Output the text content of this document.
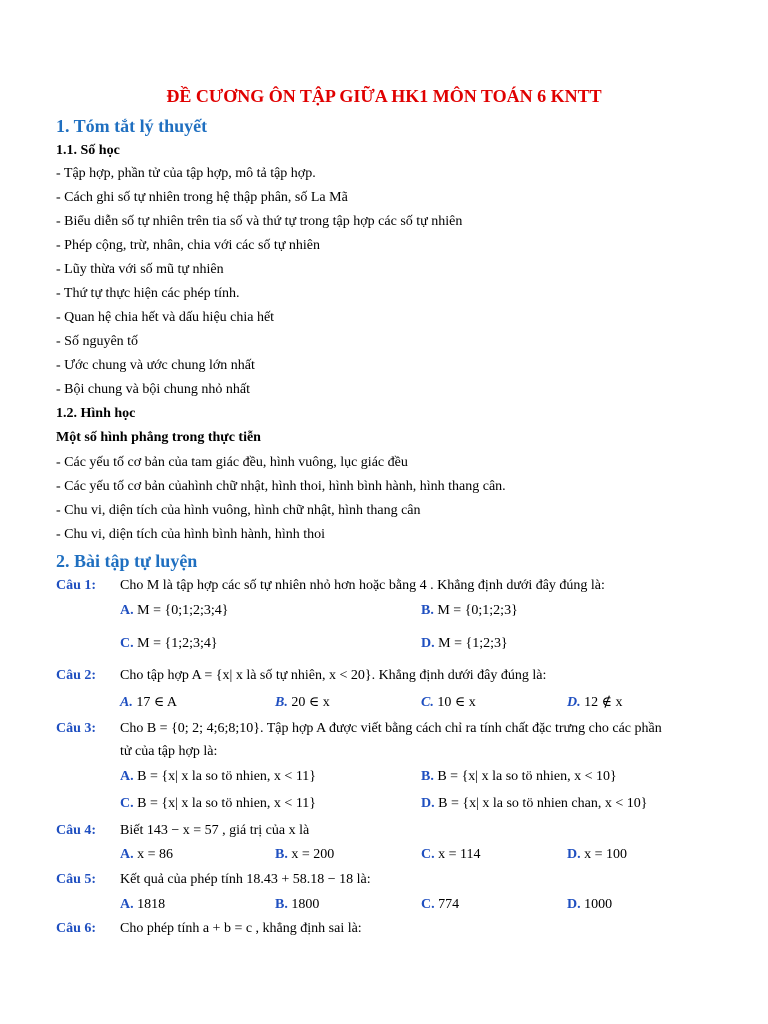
ĐỀ CƯƠNG ÔN TẬP GIỮA HK1 MÔN TOÁN 6 KNTT
1. Tóm tắt lý thuyết
1.1. Số học
- Tập hợp, phần tử của tập hợp, mô tả tập hợp.
- Cách ghi số tự nhiên trong hệ thập phân, số La Mã
- Biểu diễn số tự nhiên trên tia số và thứ tự trong tập hợp các số tự nhiên
- Phép cộng, trừ, nhân, chia với các số tự nhiên
- Lũy thừa với số mũ tự nhiên
- Thứ tự thực hiện các phép tính.
- Quan hệ chia hết và dấu hiệu chia hết
- Số nguyên tố
- Ước chung và ước chung lớn nhất
- Bội chung và bội chung nhỏ nhất
1.2. Hình học
Một số hình phẳng trong thực tiễn
- Các yếu tố cơ bản của tam giác đều, hình vuông, lục giác đều
- Các yếu tố cơ bản củahình chữ nhật, hình thoi, hình bình hành, hình thang cân.
- Chu vi, diện tích của hình vuông, hình chữ nhật, hình thang cân
- Chu vi, diện tích của hình bình hành, hình thoi
2. Bài tập tự luyện
Câu 1: Cho M là tập hợp các số tự nhiên nhỏ hơn hoặc bằng 4 . Khẳng định dưới đây đúng là:
A. M = {0;1;2;3;4}	B. M = {0;1;2;3}
C. M = {1;2;3;4}	D. M = {1;2;3}
Câu 2: Cho tập hợp A = {x| x là số tự nhiên, x < 20}. Khẳng định dưới đây đúng là:
A. 17 ∈ A	B. 20 ∈ x	C. 10 ∈ x	D. 12 ∉ x
Câu 3: Cho B = {0; 2; 4;6;8;10}. Tập hợp A được viết bằng cách chỉ ra tính chất đặc trưng cho các phần
tử của tập hợp là:
A. B = {x| x la so tö nhien, x < 11}	B. B = {x| x la so tö nhien, x < 10}
C. B = {x| x la so tö nhien, x < 11}	D. B = {x| x la so tö nhien chan, x < 10}
Câu 4: Biết 143 − x = 57 , giá trị của x là
A. x = 86	B. x = 200	C. x = 114	D. x = 100
Câu 5: Kết quả của phép tính 18.43 + 58.18 − 18 là:
A. 1818	B. 1800	C. 774	D. 1000
Câu 6: Cho phép tính a + b = c , khẳng định sai là:
